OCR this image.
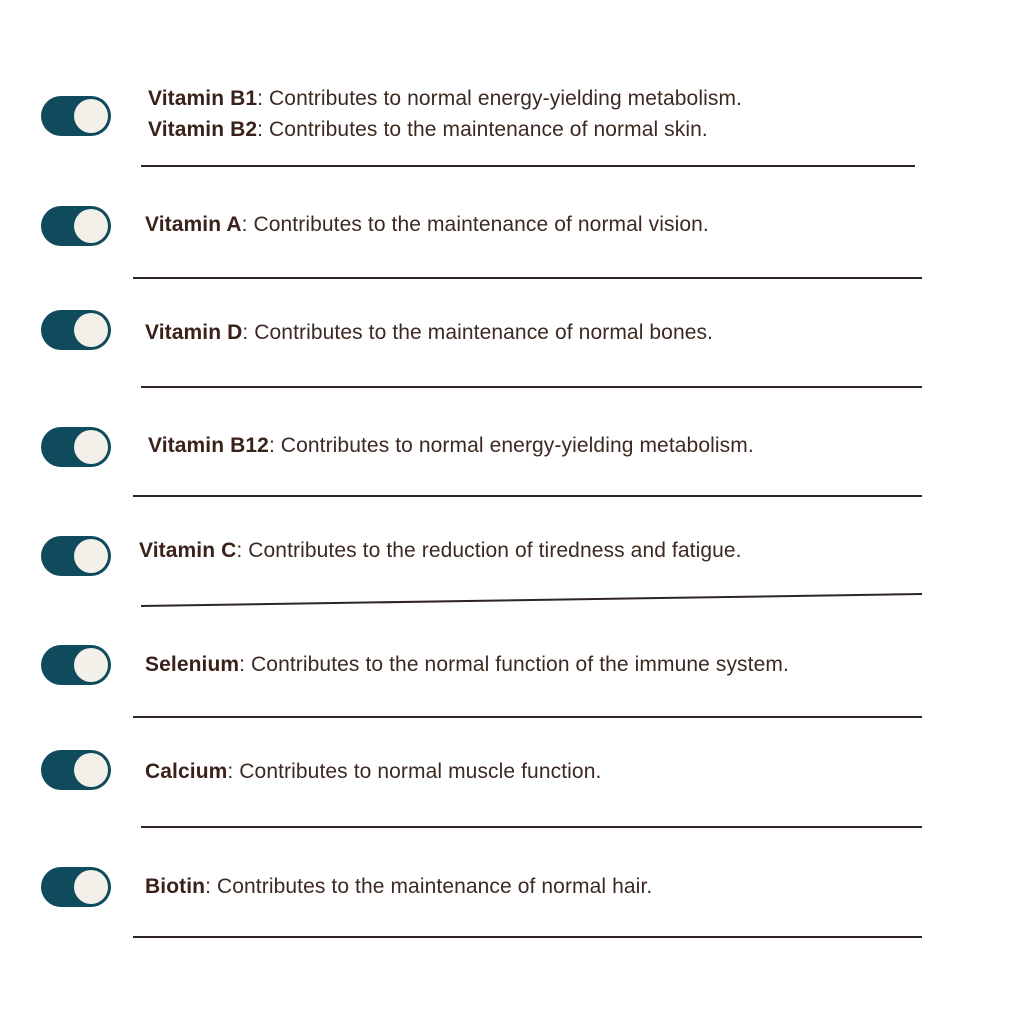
Vitamin B1: Contributes to normal energy-yielding metabolism.
Vitamin B2: Contributes to the maintenance of normal skin.
Vitamin A: Contributes to the maintenance of normal vision.
Vitamin D: Contributes to the maintenance of normal bones.
Vitamin B12: Contributes to normal energy-yielding metabolism.
Vitamin C: Contributes to the reduction of tiredness and fatigue.
Selenium: Contributes to the normal function of the immune system.
Calcium: Contributes to normal muscle function.
Biotin: Contributes to the maintenance of normal hair.
